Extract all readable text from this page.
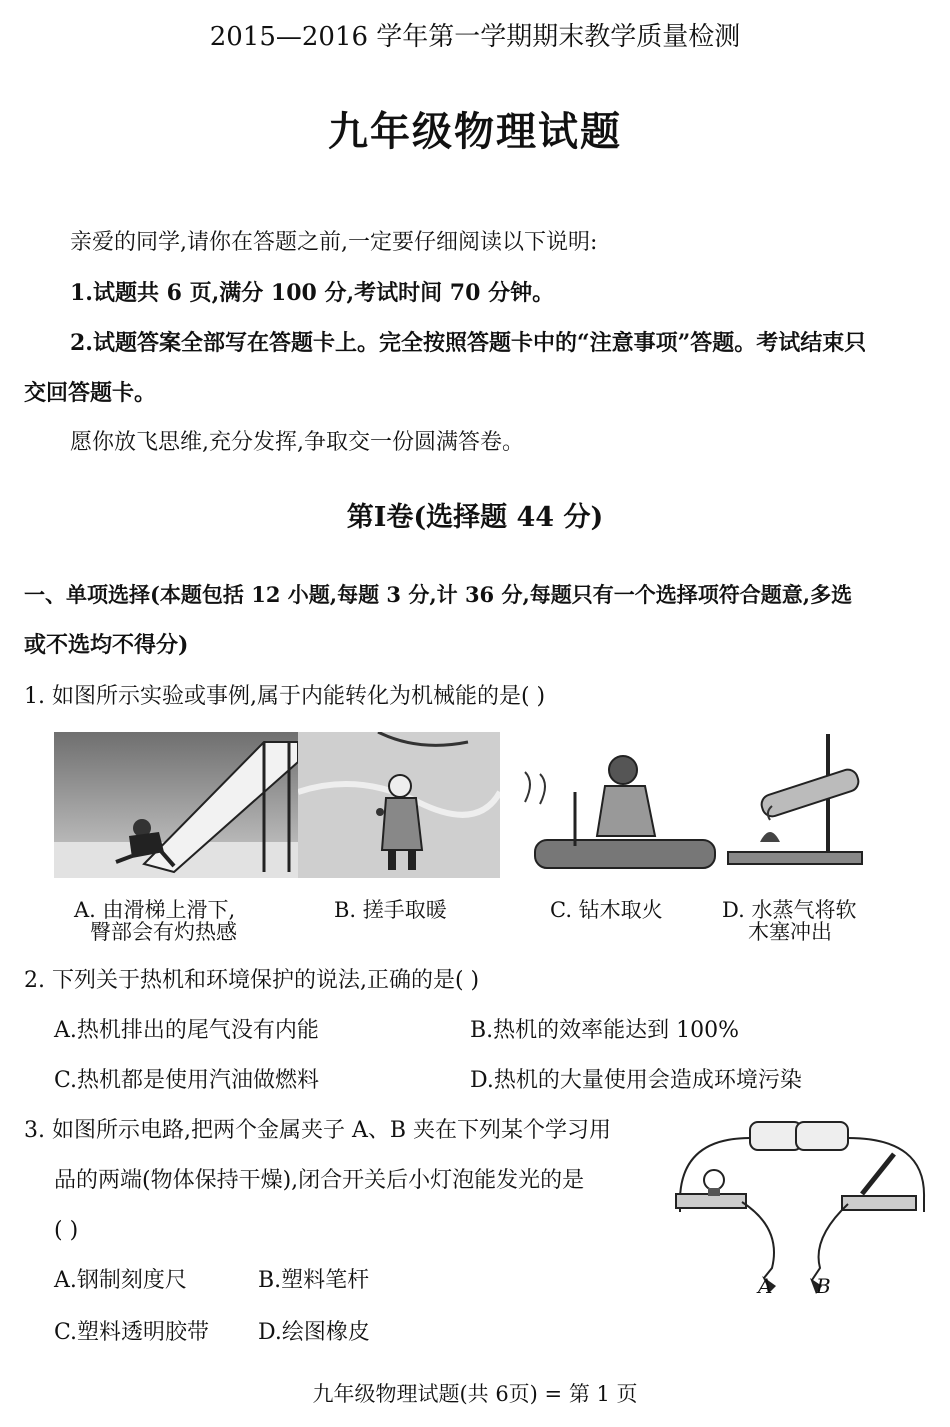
2015—2016 学年第一学期期末教学质量检测
九年级物理试题
亲爱的同学,请你在答题之前,一定要仔细阅读以下说明:
1.试题共 6 页,满分 100 分,考试时间 70 分钟。
2.试题答案全部写在答题卡上。完全按照答题卡中的“注意事项”答题。考试结束只
交回答题卡。
愿你放飞思维,充分发挥,争取交一份圆满答卷。
第Ⅰ卷(选择题 44 分)
一、单项选择(本题包括 12 小题,每题 3 分,计 36 分,每题只有一个选择项符合题意,多选
或不选均不得分)
1. 如图所示实验或事例,属于内能转化为机械能的是( )
A. 由滑梯上滑下,
臀部会有灼热感
B. 搓手取暖	C. 钻木取火	D. 水蒸气将软
木塞冲出
2. 下列关于热机和环境保护的说法,正确的是( )
A.热机排出的尾气没有内能	B.热机的效率能达到 100%
C.热机都是使用汽油做燃料	D.热机的大量使用会造成环境污染
3. 如图所示电路,把两个金属夹子 A、B 夹在下列某个学习用
品的两端(物体保持干燥),闭合开关后小灯泡能发光的是
( )
A.钢制刻度尺	B.塑料笔杆
C.塑料透明胶带 D.绘图橡皮
A B
九年级物理试题(共 6页) = 第 1 页
